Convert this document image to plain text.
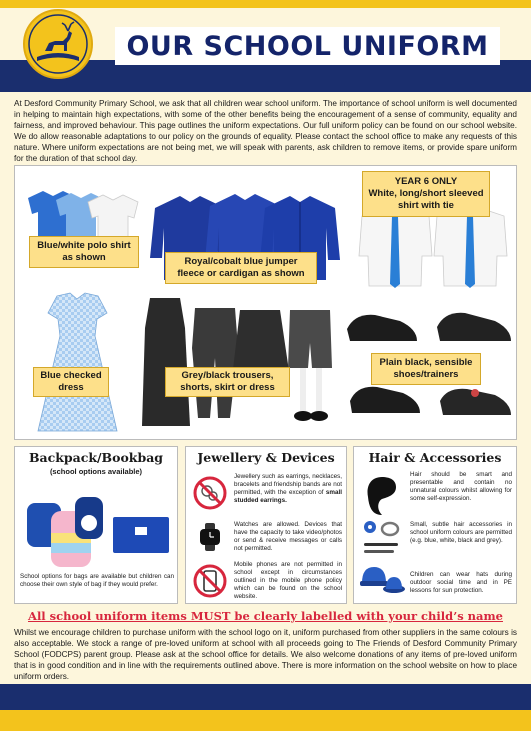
OUR SCHOOL UNIFORM

At Desford Community Primary School, we ask that all children wear school uniform. The importance of school uniform is well documented in helping to maintain high expectations, with some of the other benefits being the encouragement of a sense of community, equality and fairness, and improved behaviour. This page outlines the uniform expectations. Our full uniform policy can be found on our school website. We do allow reasonable adaptations to our policy on the grounds of equality. Please contact the school office to make any requests of this nature. Where uniform expectations are not being met, we will speak with parents, ask children to remove items, or provide spare uniform for the duration of that school day.

Blue/white polo shirt as shown	Royal/cobalt blue jumper fleece or cardigan as shown
YEAR 6 ONLY
White, long/short sleeved shirt with tie
Blue checked dress
Grey/black trousers, shorts, skirt or dress
Plain black, sensible shoes/trainers
Backpack/Bookbag
(school options available)
School options for bags are available but children can choose their own style of bag if they would prefer.
Jewellery & Devices
Jewellery such as earrings, necklaces, bracelets and friendship bands are not permitted, with the exception of small studded earrings.
Watches are allowed. Devices that have the capacity to take video/photos or send & receive messages or calls not permitted.
Mobile phones are not permitted in school except in circumstances outlined in the mobile phone policy which can be found on the school website.
Hair & Accessories
Hair should be smart and presentable and contain no unnatural colours whilst allowing for some self-expression.
Small, subtle hair accessories in school uniform colours are permitted (e.g. blue, white, black and grey).
Children can wear hats during outdoor social time and in PE lessons for sun protection.
All school uniform items MUST be clearly labelled with your child’s name

Whilst we encourage children to purchase uniform with the school logo on it, uniform purchased from other suppliers in the same colours is also acceptable. We stock a range of pre-loved uniform at school with all proceeds going to The Friends of Desford Community Primary School (FODCPS) parent group. Please ask at the school office for details. We also welcome donations of any items of pre-loved uniform that is in good condition and in line with the requirements outlined above. There is more information on the school website on how to place uniform orders.
